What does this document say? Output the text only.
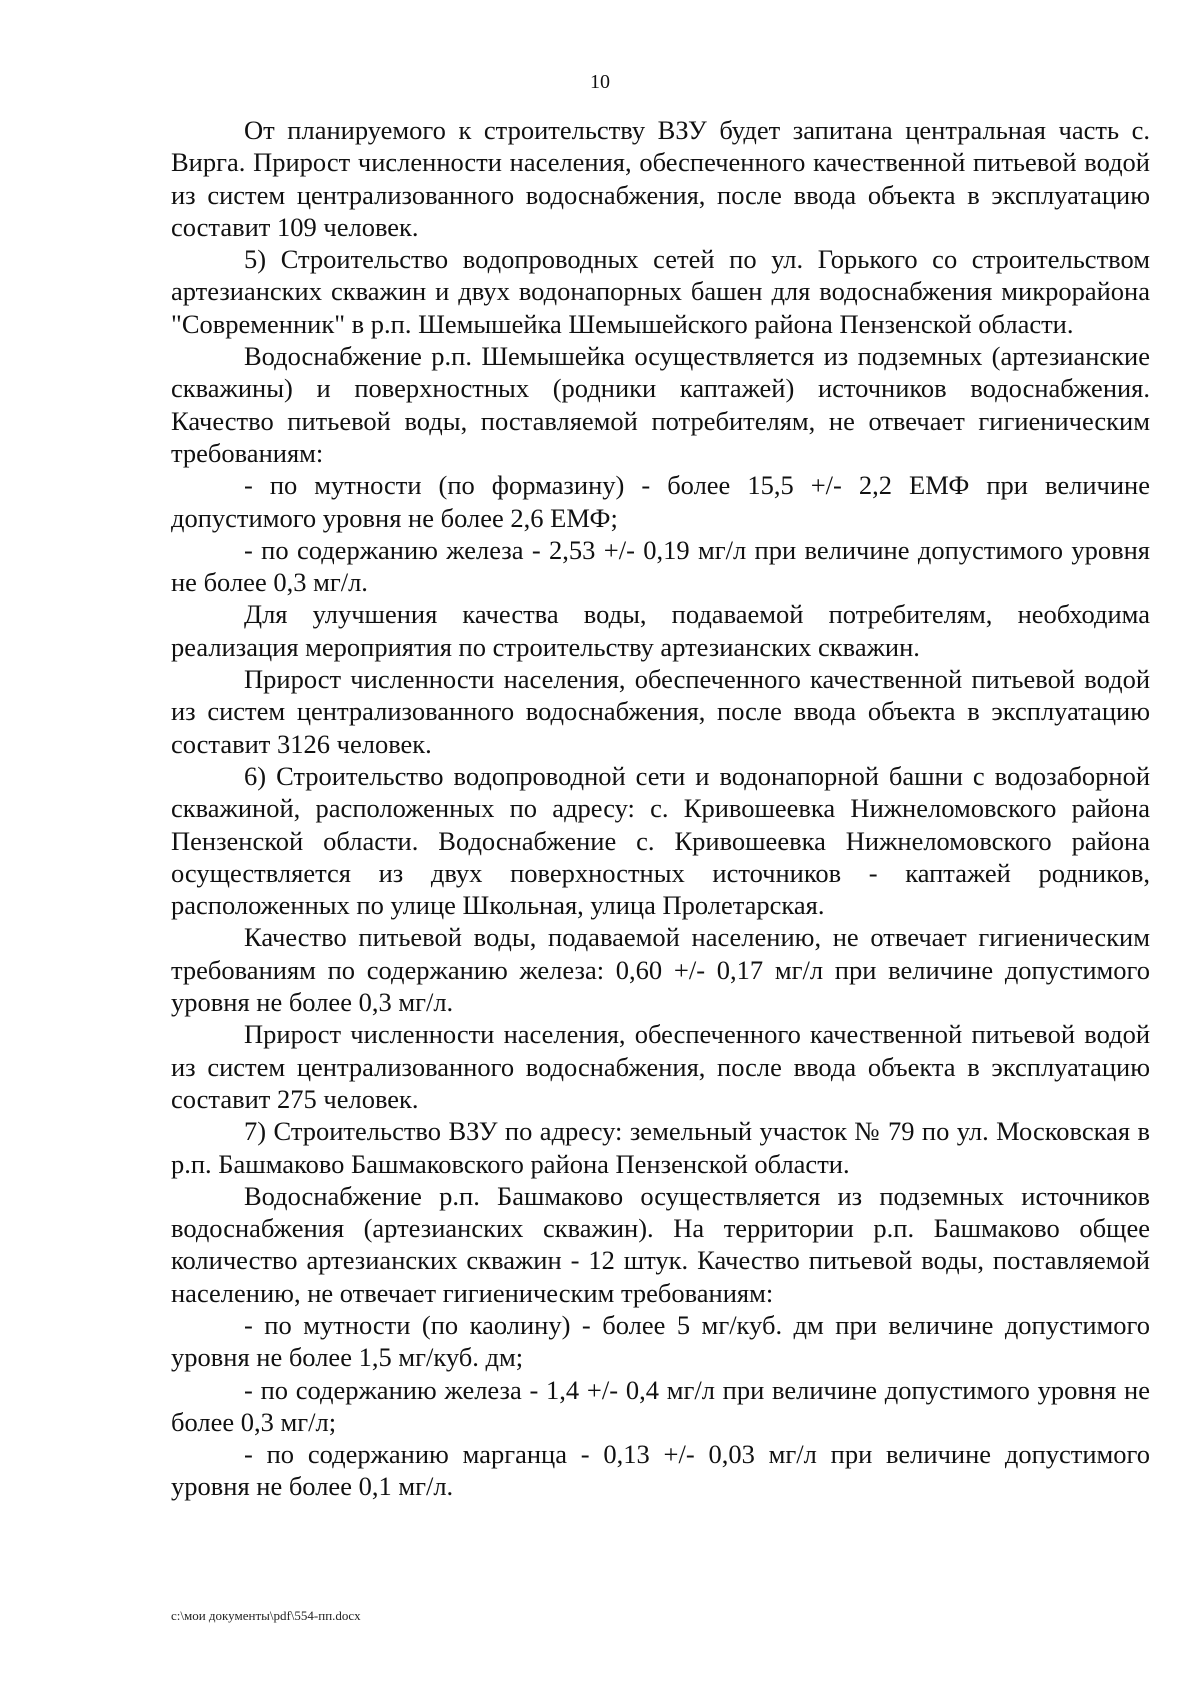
10

От планируемого к строительству ВЗУ будет запитана центральная часть с. Вирга. Прирост численности населения, обеспеченного качественной питьевой водой из систем централизованного водоснабжения, после ввода объекта в эксплуатацию составит 109 человек.

5) Строительство водопроводных сетей по ул. Горького со строительством артезианских скважин и двух водонапорных башен для водоснабжения микрорайона "Современник" в р.п. Шемышейка Шемышейского района Пензенской области.

Водоснабжение р.п. Шемышейка осуществляется из подземных (артезианские скважины) и поверхностных (родники каптажей) источников водоснабжения. Качество питьевой воды, поставляемой потребителям, не отвечает гигиеническим требованиям:

- по мутности (по формазину) - более 15,5 +/- 2,2 ЕМФ при величине допустимого уровня не более 2,6 ЕМФ;

- по содержанию железа - 2,53 +/- 0,19 мг/л при величине допустимого уровня не более 0,3 мг/л.

Для улучшения качества воды, подаваемой потребителям, необходима реализация мероприятия по строительству артезианских скважин.

Прирост численности населения, обеспеченного качественной питьевой водой из систем централизованного водоснабжения, после ввода объекта в эксплуатацию составит 3126 человек.

6) Строительство водопроводной сети и водонапорной башни с водозаборной скважиной, расположенных по адресу: с. Кривошеевка Нижнеломовского района Пензенской области. Водоснабжение с. Кривошеевка Нижнеломовского района осуществляется из двух поверхностных источников - каптажей родников, расположенных по улице Школьная, улица Пролетарская.

Качество питьевой воды, подаваемой населению, не отвечает гигиеническим требованиям по содержанию железа: 0,60 +/- 0,17 мг/л при величине допустимого уровня не более 0,3 мг/л.

Прирост численности населения, обеспеченного качественной питьевой водой из систем централизованного водоснабжения, после ввода объекта в эксплуатацию составит 275 человек.

7) Строительство ВЗУ по адресу: земельный участок № 79 по ул. Московская в р.п. Башмаково Башмаковского района Пензенской области.

Водоснабжение р.п. Башмаково осуществляется из подземных источников водоснабжения (артезианских скважин). На территории р.п. Башмаково общее количество артезианских скважин - 12 штук. Качество питьевой воды, поставляемой населению, не отвечает гигиеническим требованиям:

- по мутности (по каолину) - более 5 мг/куб. дм при величине допустимого уровня не более 1,5 мг/куб. дм;

- по содержанию железа - 1,4 +/- 0,4 мг/л при величине допустимого уровня не более 0,3 мг/л;

- по содержанию марганца - 0,13 +/- 0,03 мг/л при величине допустимого уровня не более 0,1 мг/л.

c:\мои документы\pdf\554-пп.docx
